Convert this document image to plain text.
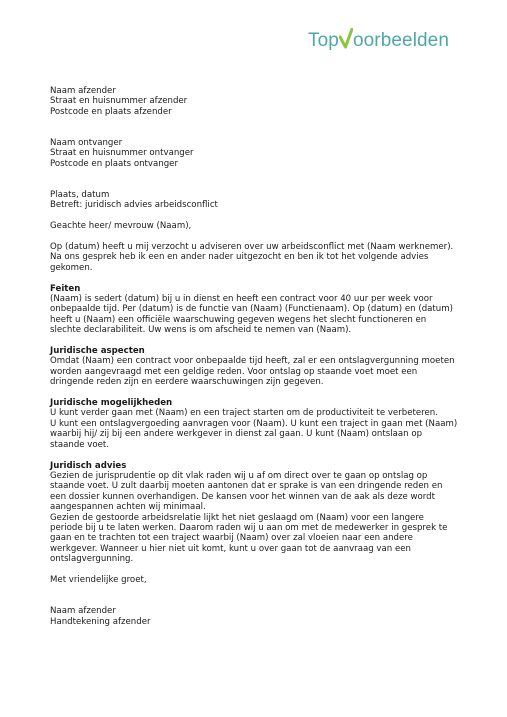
Top oorbeelden
Naam afzender
Straat en huisnummer afzender
Postcode en plaats afzender
Naam ontvanger
Straat en huisnummer ontvanger
Postcode en plaats ontvanger
Plaats, datum
Betreft: juridisch advies arbeidsconflict
Geachte heer/ mevrouw (Naam),
Op (datum) heeft u mij verzocht u adviseren over uw arbeidsconflict met (Naam werknemer).
Na ons gesprek heb ik een en ander nader uitgezocht en ben ik tot het volgende advies
gekomen.
Feiten
(Naam) is sedert (datum) bij u in dienst en heeft een contract voor 40 uur per week voor
onbepaalde tijd. Per (datum) is de functie van (Naam) (Functienaam). Op (datum) en (datum)
heeft u (Naam) een officiële waarschuwing gegeven wegens het slecht functioneren en
slechte declarabiliteit. Uw wens is om afscheid te nemen van (Naam).
Juridische aspecten
Omdat (Naam) een contract voor onbepaalde tijd heeft, zal er een ontslagvergunning moeten
worden aangevraagd met een geldige reden. Voor ontslag op staande voet moet een
dringende reden zijn en eerdere waarschuwingen zijn gegeven.
Juridische mogelijkheden
U kunt verder gaan met (Naam) en een traject starten om de productiviteit te verbeteren.
U kunt een ontslagvergoeding aanvragen voor (Naam). U kunt een traject in gaan met (Naam)
waarbij hij/ zij bij een andere werkgever in dienst zal gaan. U kunt (Naam) ontslaan op
staande voet.
Juridisch advies
Gezien de jurisprudentie op dit vlak raden wij u af om direct over te gaan op ontslag op
staande voet. U zult daarbij moeten aantonen dat er sprake is van een dringende reden en
een dossier kunnen overhandigen. De kansen voor het winnen van de aak als deze wordt
aangespannen achten wij minimaal.
Gezien de gestoorde arbeidsrelatie lijkt het niet geslaagd om (Naam) voor een langere
periode bij u te laten werken. Daarom raden wij u aan om met de medewerker in gesprek te
gaan en te trachten tot een traject waarbij (Naam) over zal vloeien naar een andere
werkgever. Wanneer u hier niet uit komt, kunt u over gaan tot de aanvraag van een
ontslagvergunning.
Met vriendelijke groet,
Naam afzender
Handtekening afzender
